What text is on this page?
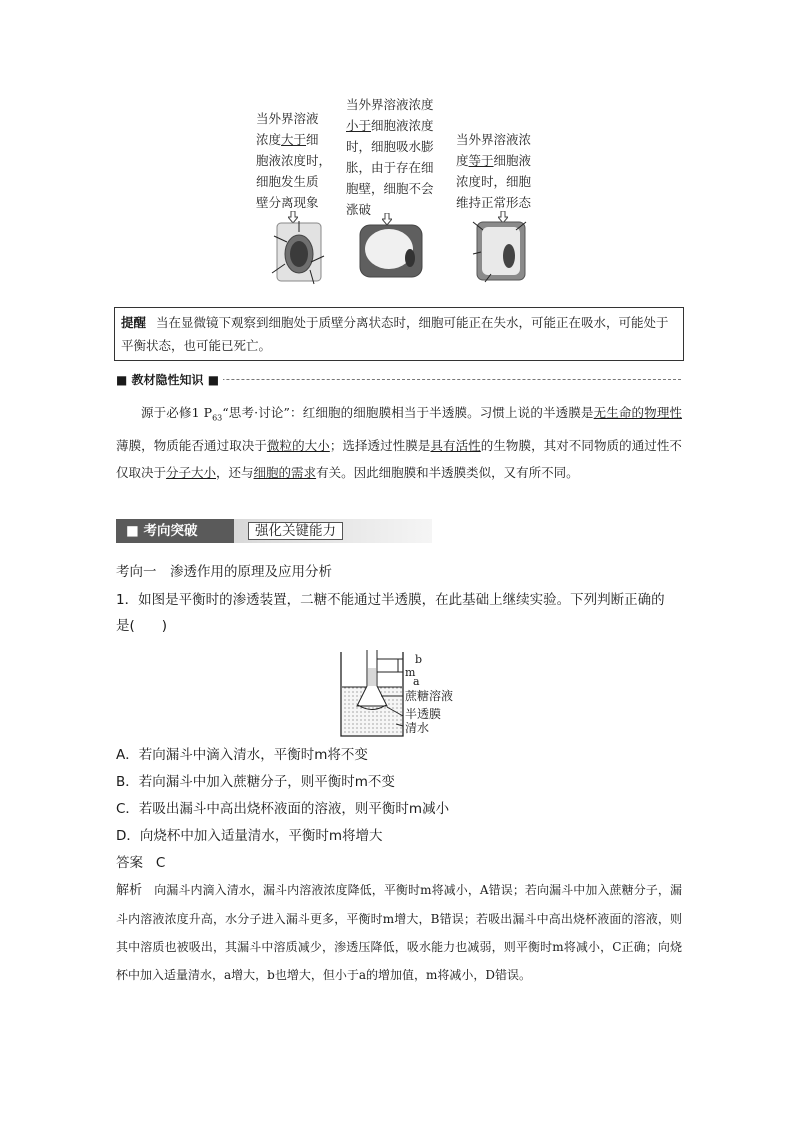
当外界溶液
浓度大于细
胞液浓度时，
细胞发生质
壁分离现象
当外界溶液浓度
小于细胞液浓度
时，细胞吸水膨
胀，由于存在细
胞壁，细胞不会
涨破
当外界溶液浓
度等于细胞液
浓度时，细胞
维持正常形态
提醒 当在显微镜下观察到细胞处于质壁分离状态时，细胞可能正在失水，可能正在吸水，可能处于平衡状态，也可能已死亡。
■ 教材隐性知识 ■
源于必修1 $P_{63}“$思考·讨论”：红细胞的细胞膜相当于半透膜。习惯上说的半透膜是无生命的物理性薄膜，物质能否通过取决于微粒的大小；选择透过性膜是具有活性的生物膜，其对不同物质的通过性不仅取决于分子大小，还与细胞的需求有关。因此细胞膜和半透膜类似，又有所不同。
■ 考向突破	强化关键能力
考向一　渗透作用的原理及应用分析
1．如图是平衡时的渗透装置，二糖不能通过半透膜，在此基础上继续实验。下列判断正确的
是(　　)
b
m
a
蔗糖溶液
半透膜
清水
A．若向漏斗中滴入清水，平衡时m将不变
B．若向漏斗中加入蔗糖分子，则平衡时m不变
C．若吸出漏斗中高出烧杯液面的溶液，则平衡时m减小
D．向烧杯中加入适量清水，平衡时m将增大
答案 C
解析 向漏斗内滴入清水，漏斗内溶液浓度降低，平衡时m将减小，A错误；若向漏斗中加入蔗糖分子，漏斗内溶液浓度升高，水分子进入漏斗更多，平衡时m增大，B错误；若吸出漏斗中高出烧杯液面的溶液，则其中溶质也被吸出，其漏斗中溶质减少，渗透压降低，吸水能力也减弱，则平衡时m将减小，C正确；向烧杯中加入适量清水，a增大，b也增大，但小于a的增加值，m将减小，D错误。
